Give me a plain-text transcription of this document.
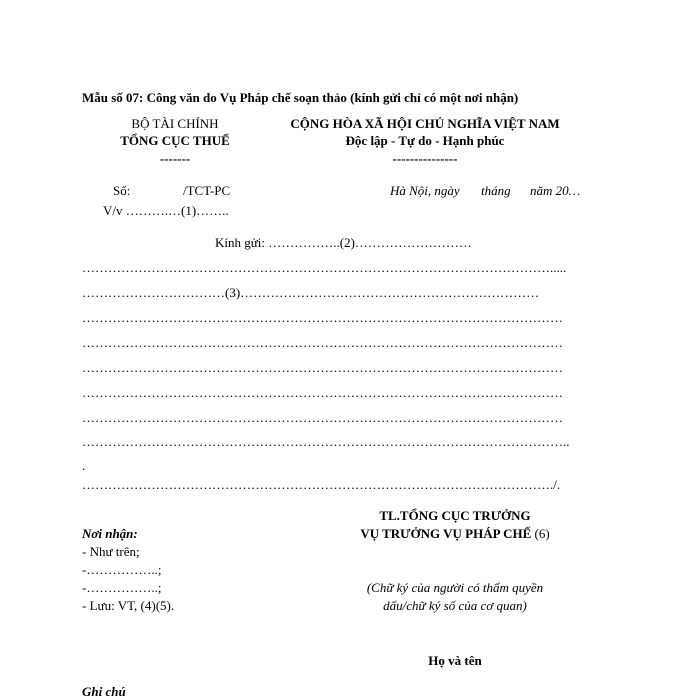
Mẫu số 07: Công văn do Vụ Pháp chế soạn thảo (kính gửi chỉ có một nơi nhận)
BỘ TÀI CHÍNH
TỔNG CỤC THUẾ
-------
CỘNG HÒA XÃ HỘI CHỦ NGHĨA VIỆT NAM
Độc lập - Tự do - Hạnh phúc
---------------
Số:	/TCT-PC	Hà Nội, ngày tháng năm 20…
V/v ……….…(1)……..
Kính gửi: ……………..(2)………………………
……………………………………………………………………………………………….....
……………………………(3)……………………………………………………………
…………………………………………………………………………………………………
…………………………………………………………………………………………………
…………………………………………………………………………………………………
…………………………………………………………………………………………………
…………………………………………………………………………………………………
…………………………………………………………………………………………………..
.
………………………………………………………………………………………………./.
TL.TỔNG CỤC TRƯỞNG
VỤ TRƯỞNG VỤ PHÁP CHẾ (6)
Nơi nhận:
- Như trên;
-……………..;
-……………..;
- Lưu: VT, (4)(5).
(Chữ ký của người có thẩm quyền
dấu/chữ ký số của cơ quan)
Họ và tên
Ghi chú
